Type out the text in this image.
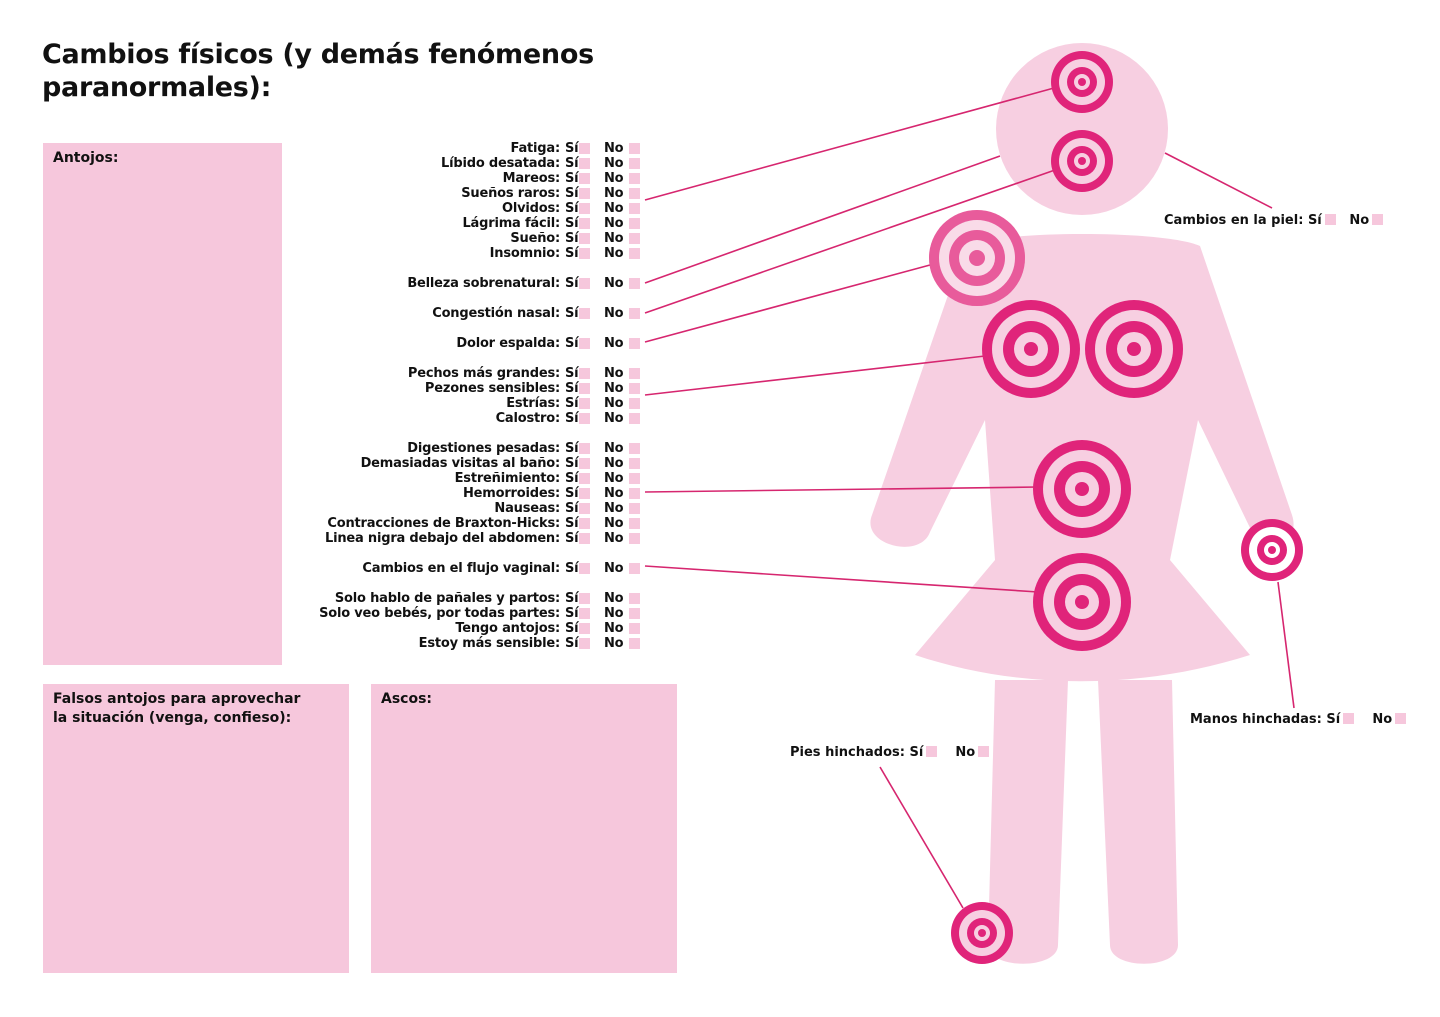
Cambios físicos (y demás fenómenos paranormales):
Antojos:
Falsos antojos para aprovechar
la situación (venga, confieso):
Ascos:
Fatiga: Sí No
Líbido desatada: Sí No
Mareos: Sí No
Sueños raros: Sí No
Olvidos: Sí No
Lágrima fácil: Sí No
Sueño: Sí No
Insomnio: Sí No
Belleza sobrenatural: Sí No
Congestión nasal: Sí No
Dolor espalda: Sí No
Pechos más grandes: Sí No
Pezones sensibles: Sí No
Estrías: Sí No
Calostro: Sí No
Digestiones pesadas: Sí No
Demasiadas visitas al baño: Sí No
Estreñimiento: Sí No
Hemorroides: Sí No
Nauseas: Sí No
Contracciones de Braxton-Hicks: Sí No
Linea nigra debajo del abdomen: Sí No
Cambios en el flujo vaginal: Sí No
Solo hablo de pañales y partos: Sí No
Solo veo bebés, por todas partes: Sí No
Tengo antojos: Sí No
Estoy más sensible: Sí No
Cambios en la piel: Sí No
Manos hinchadas: Sí No
Pies hinchados: Sí No
